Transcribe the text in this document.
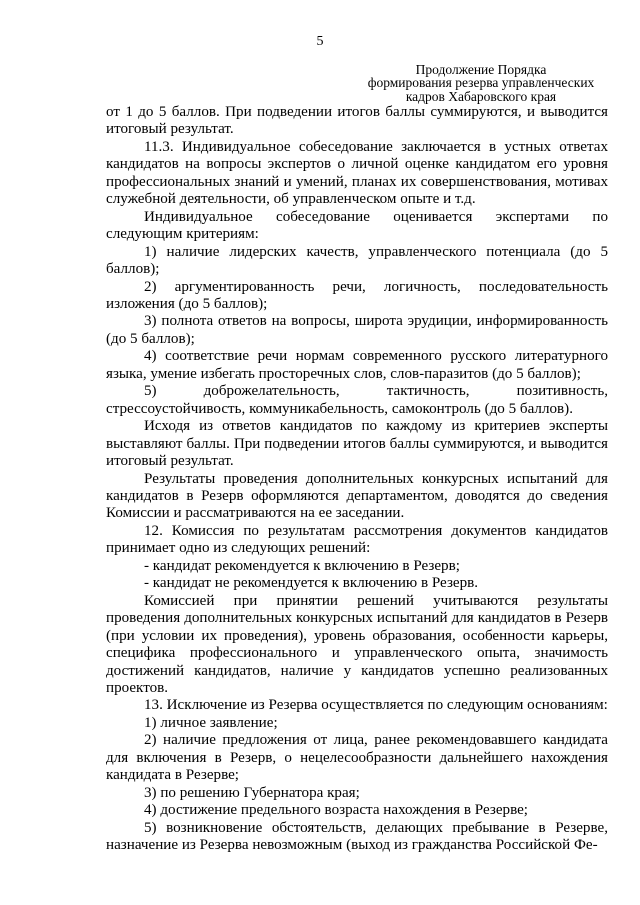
5
Продолжение Порядка
формирования резерва управленческих
кадров Хабаровского края

от 1 до 5 баллов. При подведении итогов баллы суммируются, и выводится итоговый результат.

11.3. Индивидуальное собеседование заключается в устных ответах кандидатов на вопросы экспертов о личной оценке кандидатом его уровня профессиональных знаний и умений, планах их совершенствования, мотивах служебной деятельности, об управленческом опыте и т.д.

Индивидуальное собеседование оценивается экспертами по следующим критериям:

1) наличие лидерских качеств, управленческого потенциала (до 5 баллов);

2) аргументированность речи, логичность, последовательность изложения (до 5 баллов);

3) полнота ответов на вопросы, широта эрудиции, информированность (до 5 баллов);

4) соответствие речи нормам современного русского литературного языка, умение избегать просторечных слов, слов-паразитов (до 5 баллов);

5) доброжелательность, тактичность, позитивность, стрессоустойчивость, коммуникабельность, самоконтроль (до 5 баллов).

Исходя из ответов кандидатов по каждому из критериев эксперты выставляют баллы. При подведении итогов баллы суммируются, и выводится итоговый результат.

Результаты проведения дополнительных конкурсных испытаний для кандидатов в Резерв оформляются департаментом, доводятся до сведения Комиссии и рассматриваются на ее заседании.

12. Комиссия по результатам рассмотрения документов кандидатов принимает одно из следующих решений:

- кандидат рекомендуется к включению в Резерв;

- кандидат не рекомендуется к включению в Резерв.

Комиссией при принятии решений учитываются результаты проведения дополнительных конкурсных испытаний для кандидатов в Резерв (при условии их проведения), уровень образования, особенности карьеры, специфика профессионального и управленческого опыта, значимость достижений кандидатов, наличие у кандидатов успешно реализованных проектов.

13. Исключение из Резерва осуществляется по следующим основаниям:

1) личное заявление;

2) наличие предложения от лица, ранее рекомендовавшего кандидата для включения в Резерв, о нецелесообразности дальнейшего нахождения кандидата в Резерве;

3) по решению Губернатора края;

4) достижение предельного возраста нахождения в Резерве;

5) возникновение обстоятельств, делающих пребывание в Резерве, назначение из Резерва невозможным (выход из гражданства Российской Фе-
